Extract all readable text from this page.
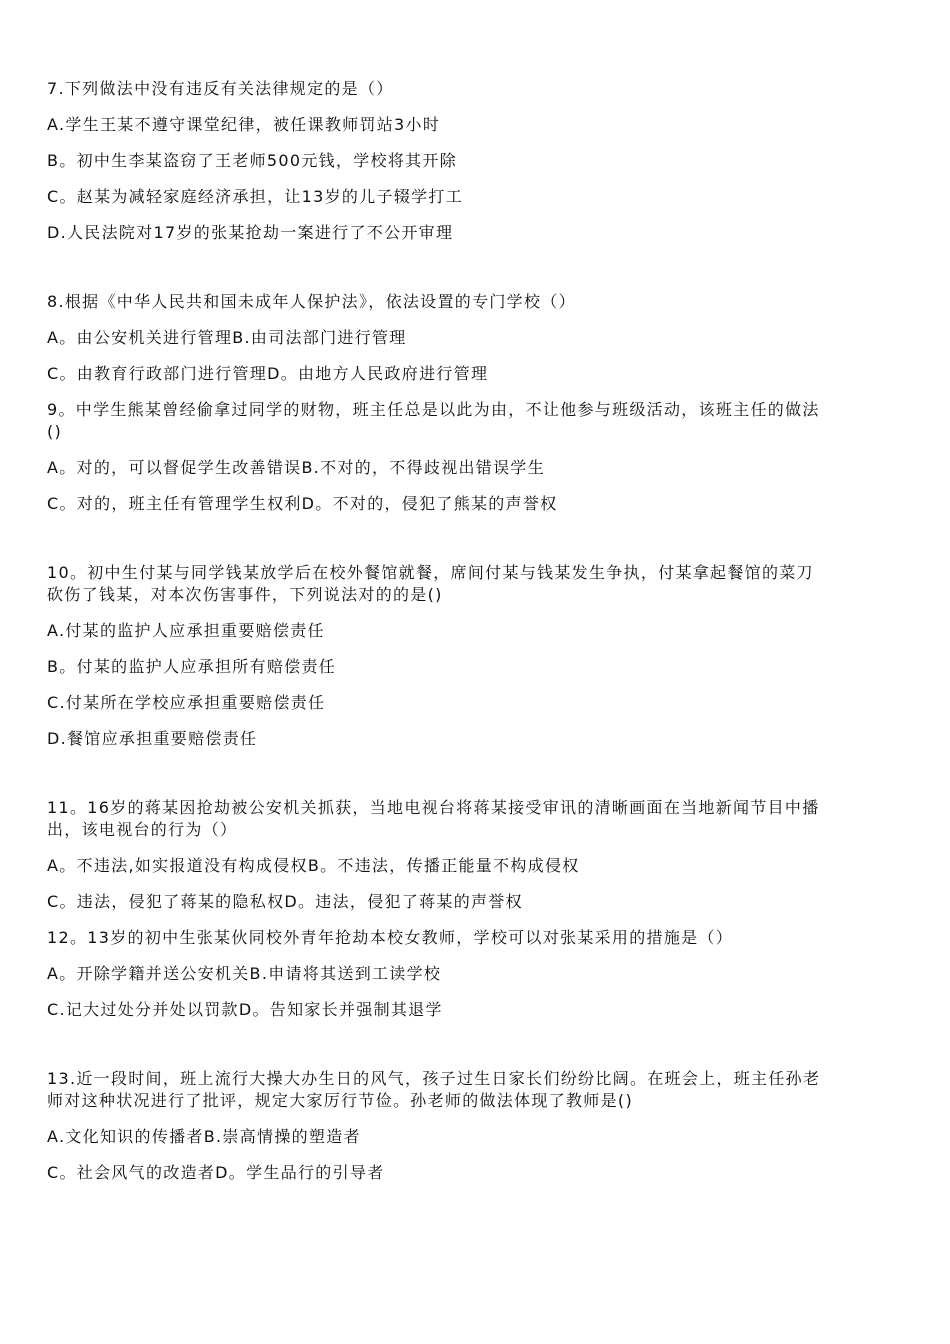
7.下列做法中没有违反有关法律规定的是（）
A.学生王某不遵守课堂纪律，被任课教师罚站3小时
B。初中生李某盗窃了王老师500元钱，学校将其开除
C。赵某为减轻家庭经济承担，让13岁的儿子辍学打工
D.人民法院对17岁的张某抢劫一案进行了不公开审理
8.根据《中华人民共和国未成年人保护法》，依法设置的专门学校（）
A。由公安机关进行管理B.由司法部门进行管理
C。由教育行政部门进行管理D。由地方人民政府进行管理
9。中学生熊某曾经偷拿过同学的财物，班主任总是以此为由，不让他参与班级活动，该班主任的做法
()
A。对的，可以督促学生改善错误B.不对的，不得歧视出错误学生
C。对的，班主任有管理学生权利D。不对的，侵犯了熊某的声誉权
10。初中生付某与同学钱某放学后在校外餐馆就餐，席间付某与钱某发生争执，付某拿起餐馆的菜刀
砍伤了钱某，对本次伤害事件，下列说法对的的是()
A.付某的监护人应承担重要赔偿责任
B。付某的监护人应承担所有赔偿责任
C.付某所在学校应承担重要赔偿责任
D.餐馆应承担重要赔偿责任
11。16岁的蒋某因抢劫被公安机关抓获，当地电视台将蒋某接受审讯的清晰画面在当地新闻节目中播
出，该电视台的行为（）
A。不违法,如实报道没有构成侵权B。不违法，传播正能量不构成侵权
C。违法，侵犯了蒋某的隐私权D。违法，侵犯了蒋某的声誉权
12。13岁的初中生张某伙同校外青年抢劫本校女教师，学校可以对张某采用的措施是（）
A。开除学籍并送公安机关B.申请将其送到工读学校
C.记大过处分并处以罚款D。告知家长并强制其退学
13.近一段时间，班上流行大操大办生日的风气，孩子过生日家长们纷纷比阔。在班会上，班主任孙老
师对这种状况进行了批评，规定大家厉行节俭。孙老师的做法体现了教师是()
A.文化知识的传播者B.崇高情操的塑造者
C。社会风气的改造者D。学生品行的引导者
